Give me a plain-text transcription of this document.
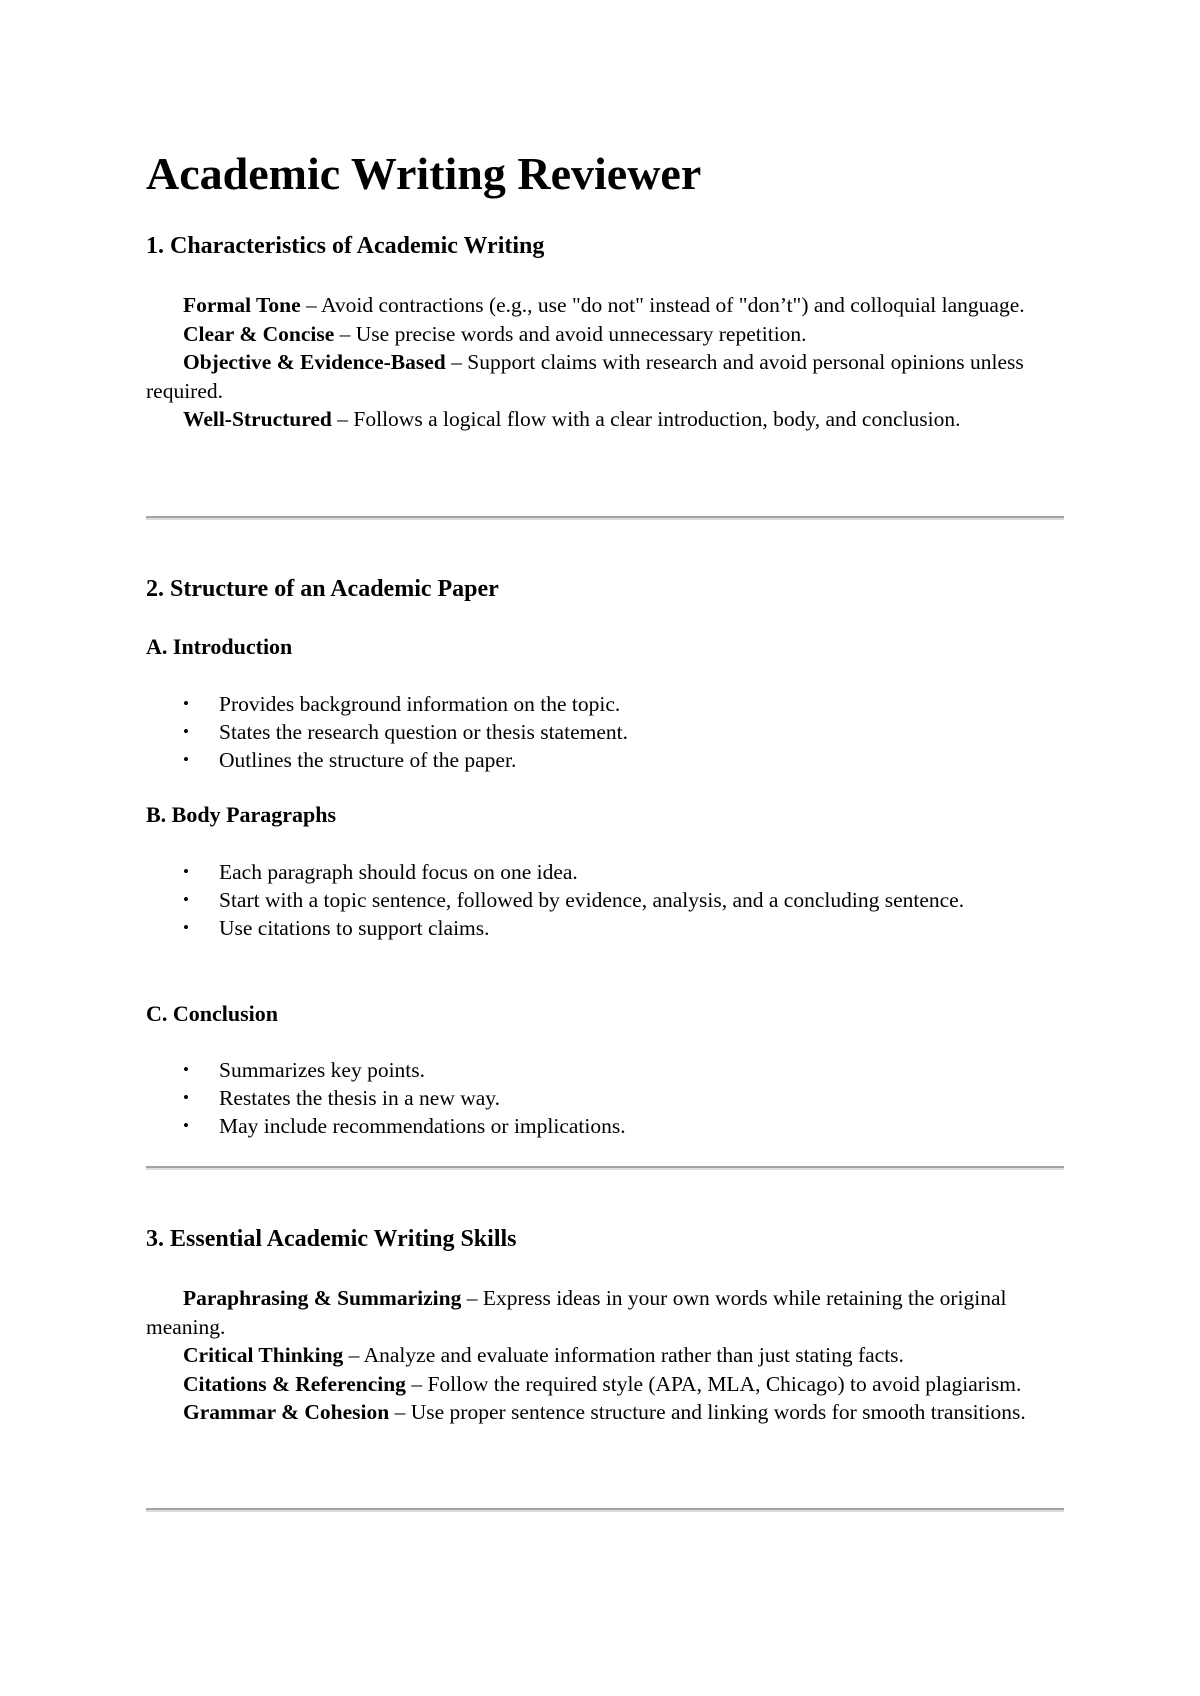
Academic Writing Reviewer
1. Characteristics of Academic Writing

Formal Tone – Avoid contractions (e.g., use "do not" instead of "don’t") and colloquial language.

Clear & Concise – Use precise words and avoid unnecessary repetition.

Objective & Evidence-Based – Support claims with research and avoid personal opinions unless required.

Well-Structured – Follows a logical flow with a clear introduction, body, and conclusion.

2. Structure of an Academic Paper
A. Introduction
• Provides background information on the topic.
• States the research question or thesis statement.
• Outlines the structure of the paper.
B. Body Paragraphs
• Each paragraph should focus on one idea.
• Start with a topic sentence, followed by evidence, analysis, and a concluding sentence.
• Use citations to support claims.
C. Conclusion
• Summarizes key points.
• Restates the thesis in a new way.
• May include recommendations or implications.
3. Essential Academic Writing Skills

Paraphrasing & Summarizing – Express ideas in your own words while retaining the original meaning.

Critical Thinking – Analyze and evaluate information rather than just stating facts.

Citations & Referencing – Follow the required style (APA, MLA, Chicago) to avoid plagiarism.

Grammar & Cohesion – Use proper sentence structure and linking words for smooth transitions.
